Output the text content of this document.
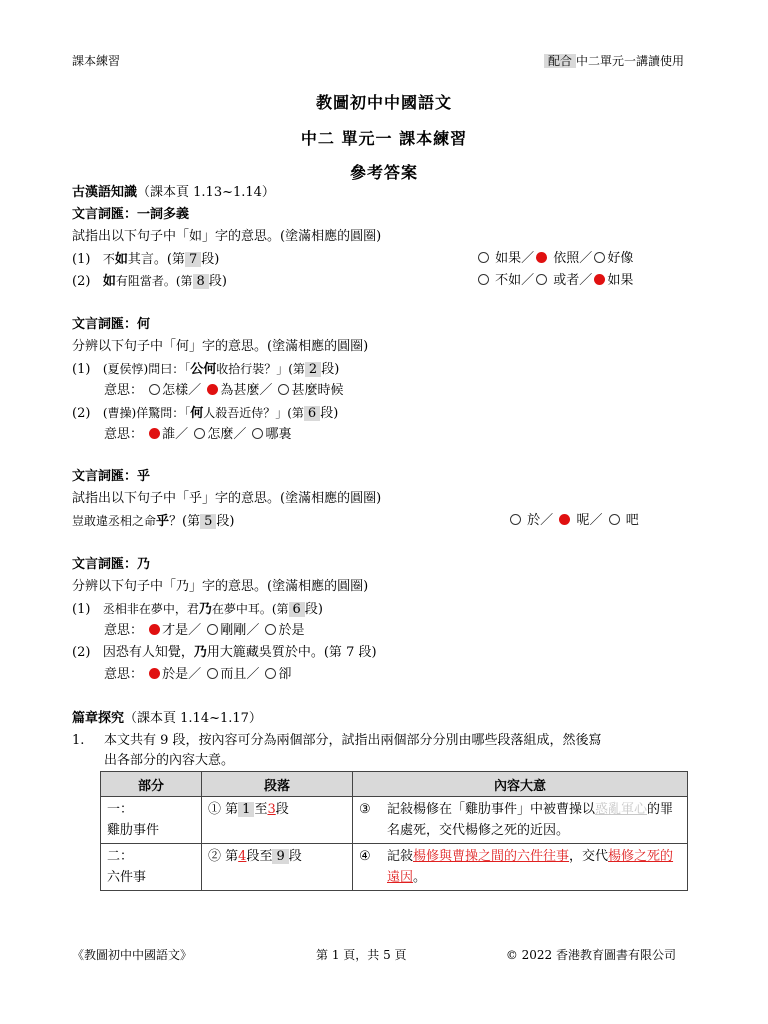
課本練習	配合 中二單元一講讀使用
教圖初中中國語文
中二 單元一 課本練習
參考答案
古漢語知識（課本頁 1.13~1.14）
文言詞匯：一詞多義
試指出以下句子中「如」字的意思。(塗滿相應的圓圈)
(1) 不如其言。(第 7 段)	如果／ 依照／ 好像
(2) 如有阻當者。(第 8 段)	不如／ 或者／ 如果
文言詞匯：何
分辨以下句子中「何」字的意思。(塗滿相應的圓圈)
(1) (夏侯惇)問曰：「公何收拾行裝？」(第 2 段)
意思： 怎樣／ 為甚麼／ 甚麼時候
(2) (曹操)佯驚問：「何人殺吾近侍？」(第 6 段)
意思： 誰／ 怎麼／ 哪裏
文言詞匯：乎
試指出以下句子中「乎」字的意思。(塗滿相應的圓圈)
豈敢違丞相之命乎？(第 5 段)	於／ 呢／ 吧
文言詞匯：乃
分辨以下句子中「乃」字的意思。(塗滿相應的圓圈)
(1) 丞相非在夢中，君乃在夢中耳。(第 6 段)
意思： 才是／ 剛剛／ 於是
(2) 因恐有人知覺，乃用大簏藏吳質於中。(第 7 段)
意思： 於是／ 而且／ 卻
篇章探究（課本頁 1.14~1.17）
1. 本文共有 9 段，按內容可分為兩個部分，試指出兩個部分分別由哪些段落組成，然後寫
出各部分的內容大意。
部分	段落	內容大意
一：
雞肋事件	① 第 1 至3段	③ 記敍楊修在「雞肋事件」中被曹操以惑亂軍心的罪名處死，交代楊修之死的近因。
二：
六件事	② 第4段至 9 段	④ 記敍楊修與曹操之間的六件往事，交代楊修之死的遠因。
《教圖初中中國語文》	第 1 頁，共 5 頁	© 2022 香港教育圖書有限公司
